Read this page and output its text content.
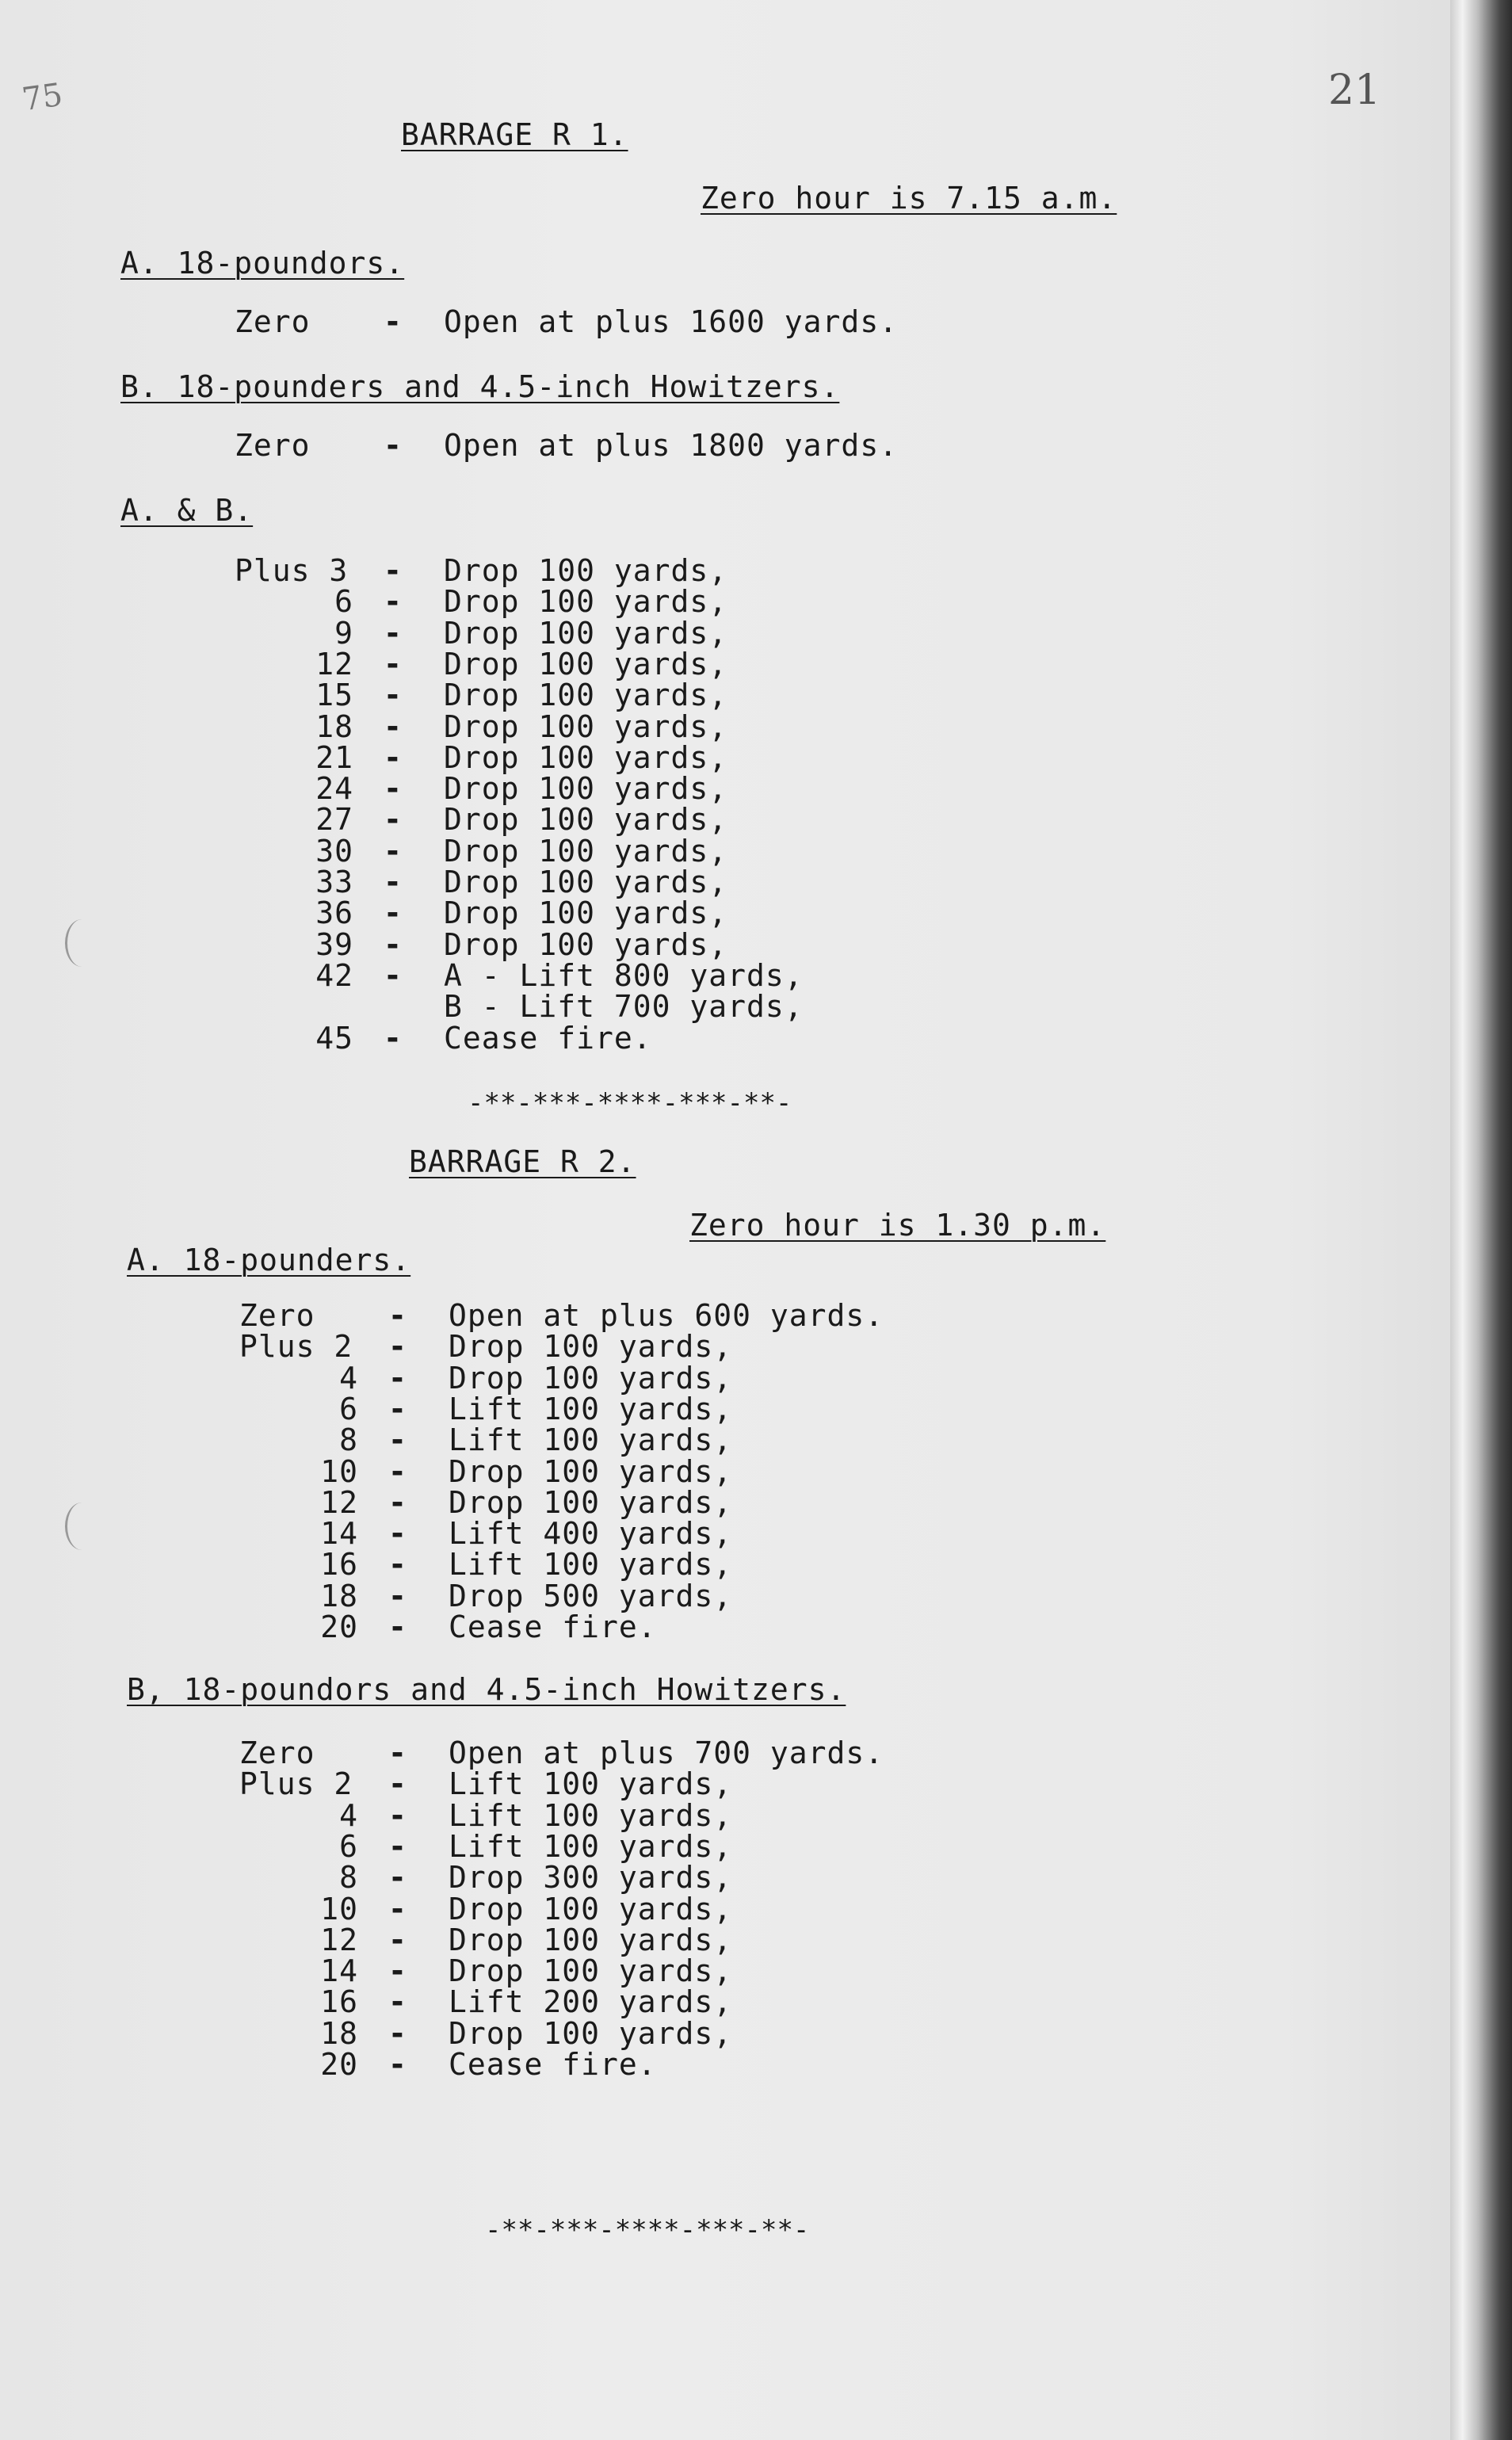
75	21
BARRAGE R 1.
Zero hour is 7.15 a.m.
A. 18-poundors.
Zero - Open at plus 1600 yards.
B. 18-pounders and 4.5-inch Howitzers.
Zero - Open at plus 1800 yards.
A. & B.
Plus 3 - Drop 100 yards,
6 - Drop 100 yards,
9 - Drop 100 yards,
12 - Drop 100 yards,
15 - Drop 100 yards,
18 - Drop 100 yards,
21 - Drop 100 yards,
24 - Drop 100 yards,
27 - Drop 100 yards,
30 - Drop 100 yards,
33 - Drop 100 yards,
36 - Drop 100 yards,
39 - Drop 100 yards,
42 - A - Lift 800 yards,
B - Lift 700 yards,
45 - Cease fire.
-**-***-****-***-**-
BARRAGE R 2.
Zero hour is 1.30 p.m.
A. 18-pounders.
Zero - Open at plus 600 yards.
Plus 2 - Drop 100 yards,
4 - Drop 100 yards,
6 - Lift 100 yards,
8 - Lift 100 yards,
10 - Drop 100 yards,
12 - Drop 100 yards,
14 - Lift 400 yards,
16 - Lift 100 yards,
18 - Drop 500 yards,
20 - Cease fire.
B, 18-poundors and 4.5-inch Howitzers.
Zero - Open at plus 700 yards.
Plus 2 - Lift 100 yards,
4 - Lift 100 yards,
6 - Lift 100 yards,
8 - Drop 300 yards,
10 - Drop 100 yards,
12 - Drop 100 yards,
14 - Drop 100 yards,
16 - Lift 200 yards,
18 - Drop 100 yards,
20 - Cease fire.
-**-***-****-***-**-
